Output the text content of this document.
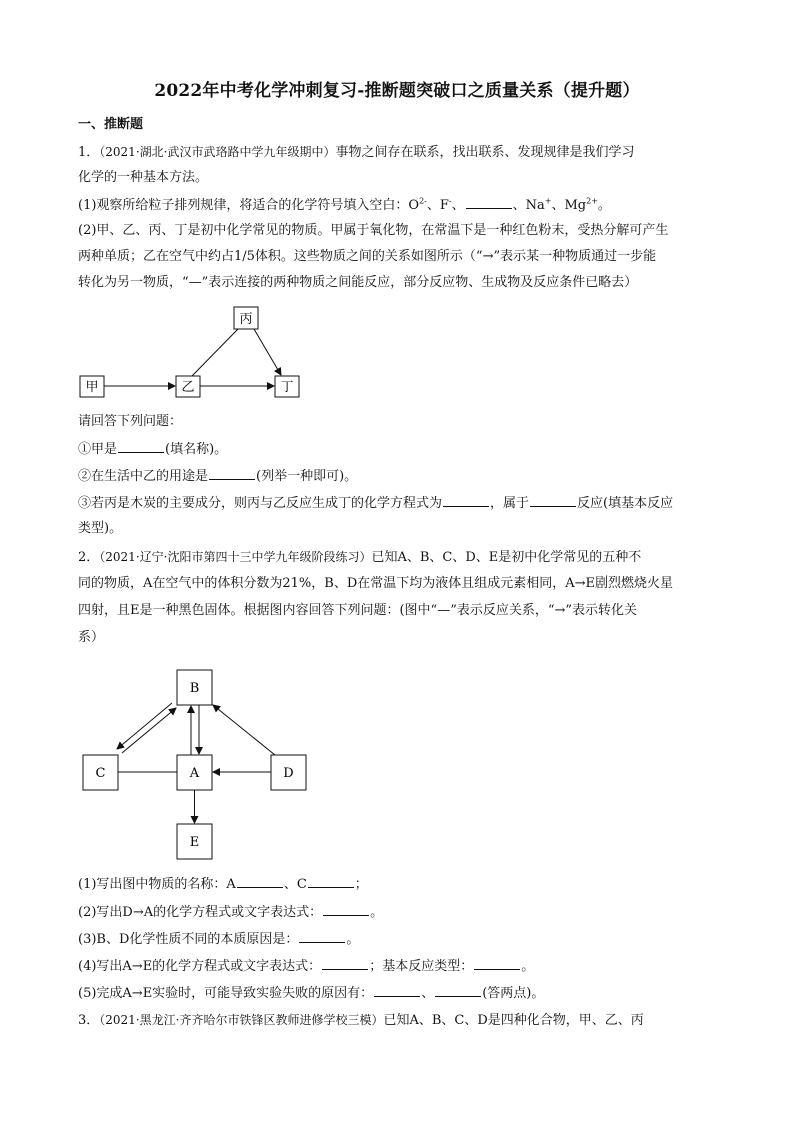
2022年中考化学冲刺复习-推断题突破口之质量关系（提升题）
一、推断题
1．（2021·湖北·武汉市武珞路中学九年级期中）事物之间存在联系，找出联系、发现规律是我们学习
化学的一种基本方法。
(1)观察所给粒子排列规律，将适合的化学符号填入空白：$O^{2-}$、F-、	、Na+、$Mg^{2+}$。
(2)甲、乙、丙、丁是初中化学常见的物质。甲属于氧化物，在常温下是一种红色粉末，受热分解可产生
两种单质；乙在空气中约占1/5体积。这些物质之间的关系如图所示（“→”表示某一种物质通过一步能
转化为另一物质，“—”表示连接的两种物质之间能反应，部分反应物、生成物及反应条件已略去）
丙
甲	乙	丁
B
C	A	D
E
请回答下列问题：
①甲是	(填名称)。
②在生活中乙的用途是	(列举一种即可)。
③若丙是木炭的主要成分，则丙与乙反应生成丁的化学方程式为	，属于	反应(填基本反应
类型)。
2．（2021·辽宁·沈阳市第四十三中学九年级阶段练习）已知A、B、C、D、E是初中化学常见的五种不
同的物质，A在空气中的体积分数为21%，B、D在常温下均为液体且组成元素相同，A→E剧烈燃烧火星
四射，且E是一种黑色固体。根据图内容回答下列问题：(图中“—”表示反应关系，“→”表示转化关
系）
(1)写出图中物质的名称：A	、C	；
(2)写出D→A的化学方程式或文字表达式：	。
(3)B、D化学性质不同的本质原因是：	。
(4)写出A→E的化学方程式或文字表达式：	；基本反应类型：	。
(5)完成A→E实验时，可能导致实验失败的原因有：	、	(答两点)。
3．（2021·黑龙江·齐齐哈尔市铁锋区教师进修学校三模）已知A、B、C、D是四种化合物，甲、乙、丙
